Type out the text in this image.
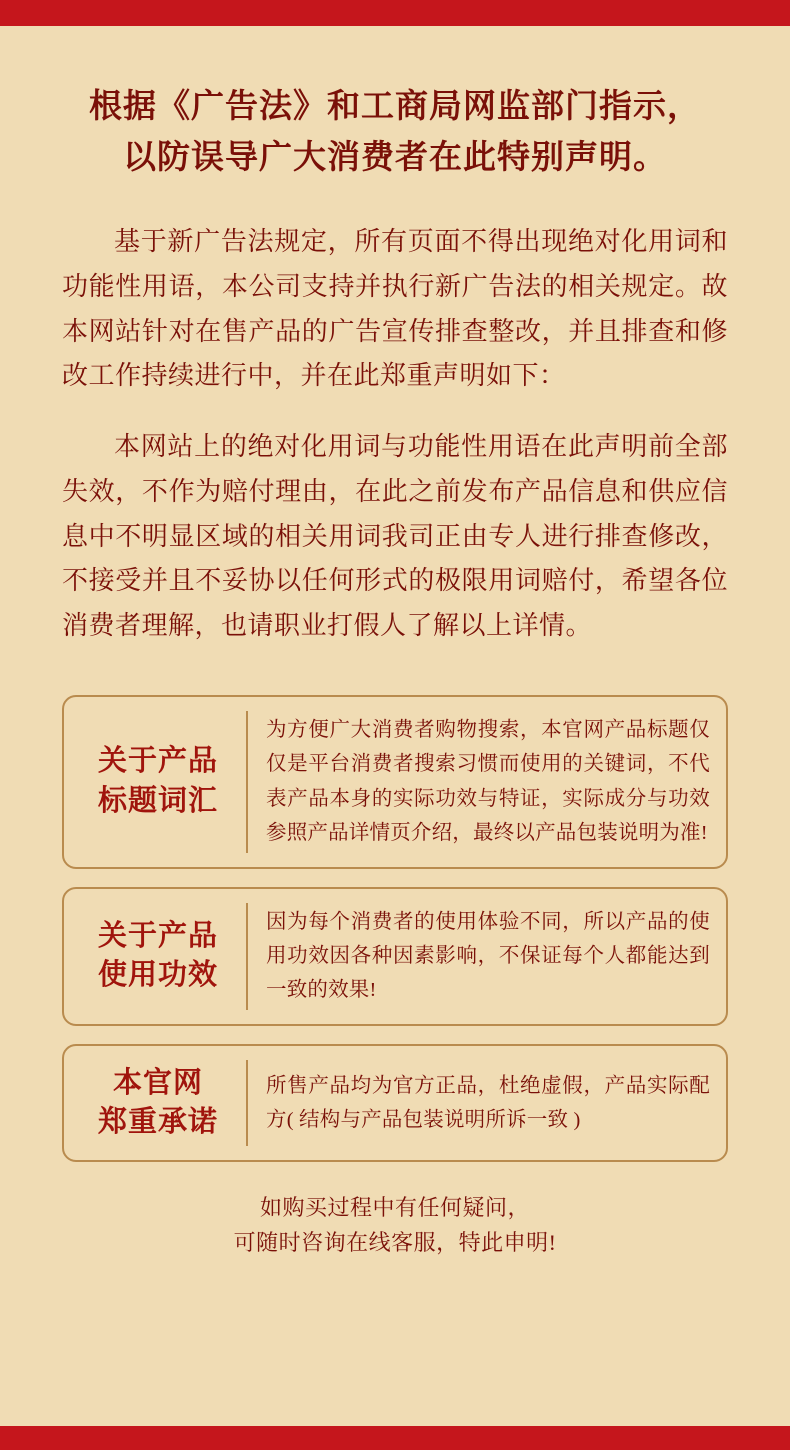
根据《广告法》和工商局网监部门指示，
以防误导广大消费者在此特别声明。

基于新广告法规定，所有页面不得出现绝对化用词和功能性用语，本公司支持并执行新广告法的相关规定。故本网站针对在售产品的广告宣传排查整改，并且排查和修改工作持续进行中，并在此郑重声明如下：

本网站上的绝对化用词与功能性用语在此声明前全部失效，不作为赔付理由，在此之前发布产品信息和供应信息中不明显区域的相关用词我司正由专人进行排查修改，不接受并且不妥协以任何形式的极限用词赔付，希望各位消费者理解，也请职业打假人了解以上详情。

关于产品
标题词汇
为方便广大消费者购物搜索，本官网产品标题仅仅是平台消费者搜索习惯而使用的关键词，不代表产品本身的实际功效与特证，实际成分与功效参照产品详情页介绍，最终以产品包装说明为准!
关于产品
使用功效
因为每个消费者的使用体验不同，所以产品的使用功效因各种因素影响，不保证每个人都能达到一致的效果!
本官网
郑重承诺
所售产品均为官方正品，杜绝虚假，产品实际配方( 结构与产品包装说明所诉一致 )
如购买过程中有任何疑问，
可随时咨询在线客服，特此申明!
